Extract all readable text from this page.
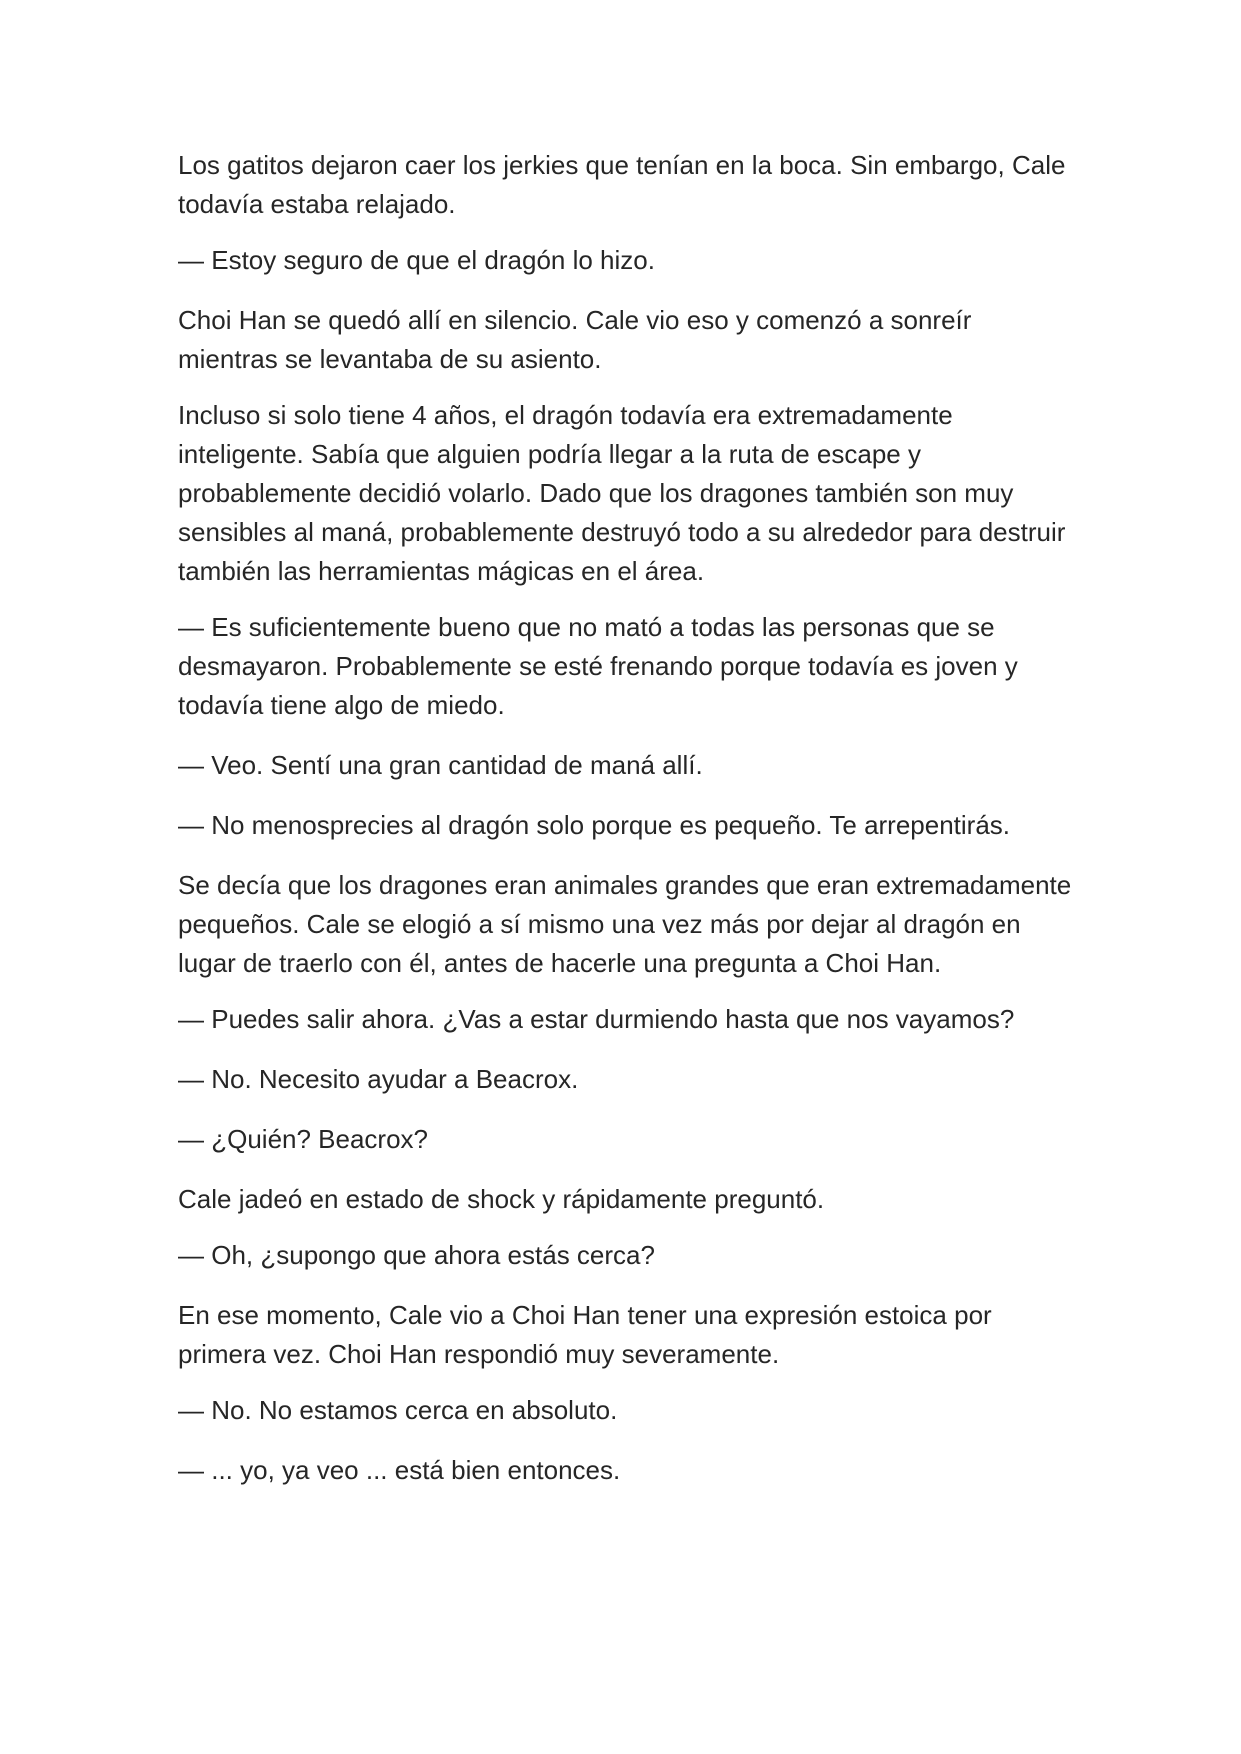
Los gatitos dejaron caer los jerkies que tenían en la boca. Sin embargo, Cale todavía estaba relajado.

— Estoy seguro de que el dragón lo hizo.

Choi Han se quedó allí en silencio. Cale vio eso y comenzó a sonreír mientras se levantaba de su asiento.

Incluso si solo tiene 4 años, el dragón todavía era extremadamente inteligente. Sabía que alguien podría llegar a la ruta de escape y probablemente decidió volarlo. Dado que los dragones también son muy sensibles al maná, probablemente destruyó todo a su alrededor para destruir también las herramientas mágicas en el área.

— Es suficientemente bueno que no mató a todas las personas que se desmayaron. Probablemente se esté frenando porque todavía es joven y todavía tiene algo de miedo.

— Veo. Sentí una gran cantidad de maná allí.

— No menosprecies al dragón solo porque es pequeño. Te arrepentirás.

Se decía que los dragones eran animales grandes que eran extremadamente pequeños. Cale se elogió a sí mismo una vez más por dejar al dragón en lugar de traerlo con él, antes de hacerle una pregunta a Choi Han.

— Puedes salir ahora. ¿Vas a estar durmiendo hasta que nos vayamos?

— No. Necesito ayudar a Beacrox.

— ¿Quién? Beacrox?

Cale jadeó en estado de shock y rápidamente preguntó.

— Oh, ¿supongo que ahora estás cerca?

En ese momento, Cale vio a Choi Han tener una expresión estoica por primera vez. Choi Han respondió muy severamente.

— No. No estamos cerca en absoluto.

— ... yo, ya veo ... está bien entonces.
